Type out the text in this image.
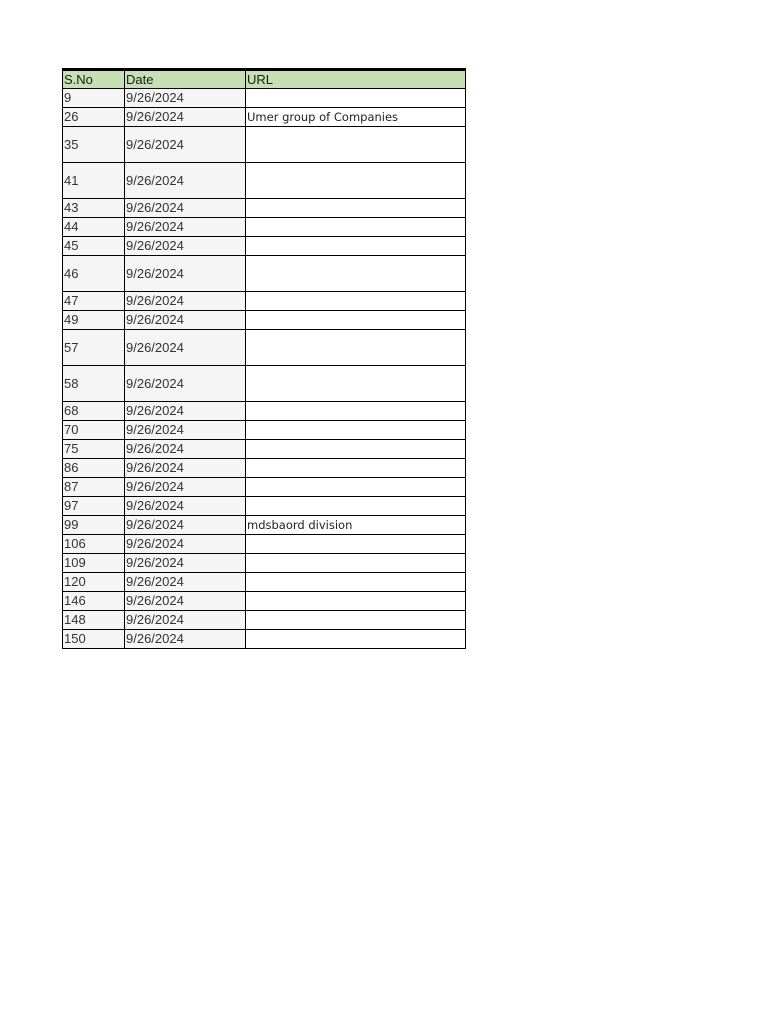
S.No	Date	URL
9	9/26/2024	
26	9/26/2024	Umer group of Companies
35	9/26/2024	
41	9/26/2024	
43	9/26/2024	
44	9/26/2024	
45	9/26/2024	
46	9/26/2024	
47	9/26/2024	
49	9/26/2024	
57	9/26/2024	
58	9/26/2024	
68	9/26/2024	
70	9/26/2024	
75	9/26/2024	
86	9/26/2024	
87	9/26/2024	
97	9/26/2024	
99	9/26/2024	mdsbaord division
106	9/26/2024	
109	9/26/2024	
120	9/26/2024	
146	9/26/2024	
148	9/26/2024	
150	9/26/2024	
